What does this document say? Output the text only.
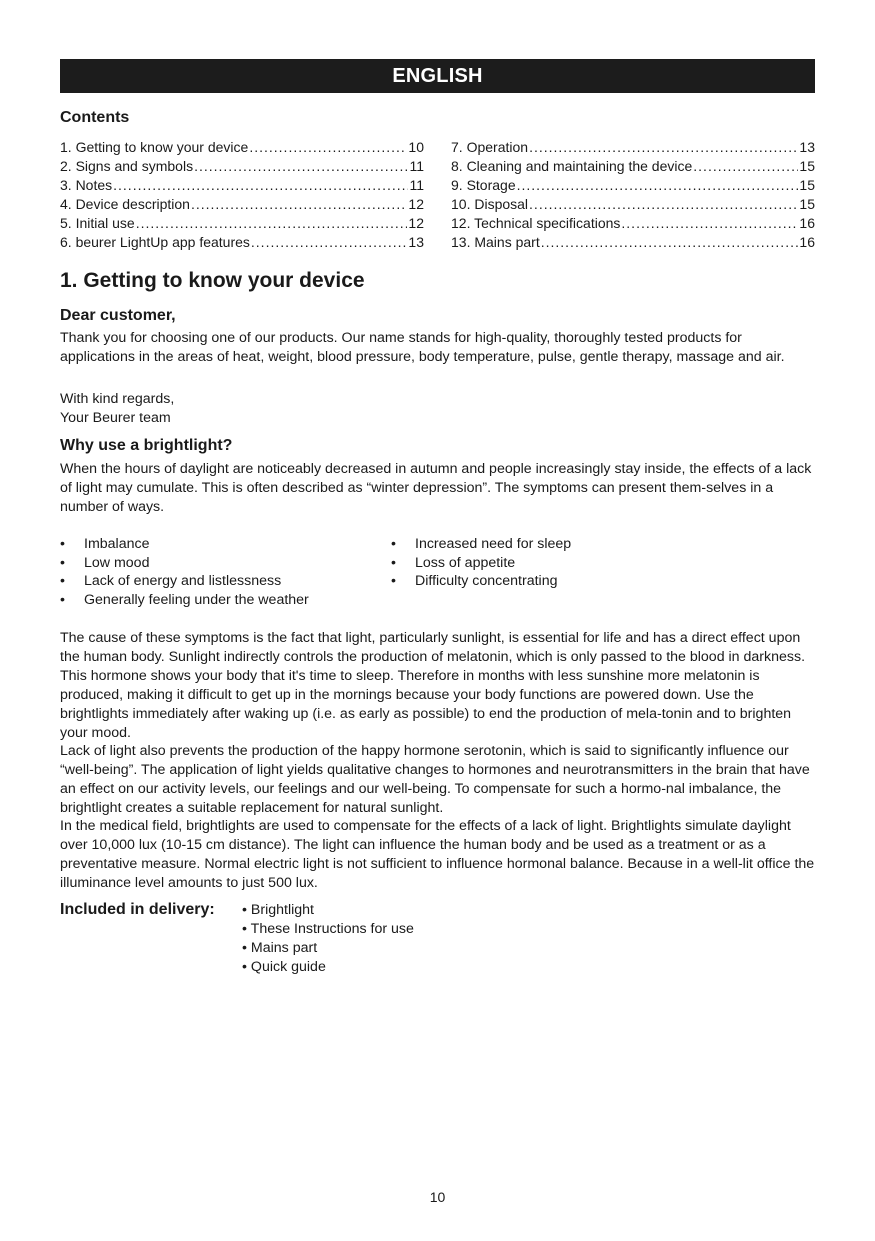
ENGLISH
Contents
1. Getting to know your device .....	10
2. Signs and symbols .....	11
3. Notes .....	11
4. Device description .....	12
5. Initial use .....	12
6. beurer LightUp app features .....	13
7. Operation .....	13
8. Cleaning and maintaining the device .....	15
9. Storage .....	15
10. Disposal .....	15
12. Technical specifications .....	16
13. Mains part .....	16
1. Getting to know your device
Dear customer,
Thank you for choosing one of our products. Our name stands for high-quality, thoroughly tested products for applications in the areas of heat, weight, blood pressure, body temperature, pulse, gentle therapy, massage and air.
With kind regards,
Your Beurer team
Why use a brightlight?
When the hours of daylight are noticeably decreased in autumn and people increasingly stay inside, the effects of a lack of light may cumulate. This is often described as “winter depression”. The symptoms can present them-selves in a number of ways.
•	Imbalance
•	Low mood
•	Lack of energy and listlessness
•	Generally feeling under the weather
•	Increased need for sleep
•	Loss of appetite
•	Difficulty concentrating
The cause of these symptoms is the fact that light, particularly sunlight, is essential for life and has a direct effect upon the human body. Sunlight indirectly controls the production of melatonin, which is only passed to the blood in darkness. This hormone shows your body that it's time to sleep. Therefore in months with less sunshine more melatonin is produced, making it difficult to get up in the mornings because your body functions are powered down. Use the brightlights immediately after waking up (i.e. as early as possible) to end the production of mela-tonin and to brighten your mood.
Lack of light also prevents the production of the happy hormone serotonin, which is said to significantly influence our “well-being”. The application of light yields qualitative changes to hormones and neurotransmitters in the brain that have an effect on our activity levels, our feelings and our well-being. To compensate for such a hormo-nal imbalance, the brightlight creates a suitable replacement for natural sunlight.
In the medical field, brightlights are used to compensate for the effects of a lack of light. Brightlights simulate daylight over 10,000 lux (10-15 cm distance). The light can influence the human body and be used as a treatment or as a preventative measure. Normal electric light is not sufficient to influence hormonal balance. Because in a well-lit office the illuminance level amounts to just 500 lux.
Included in delivery: • Brightlight
• These Instructions for use
• Mains part
• Quick guide
10
